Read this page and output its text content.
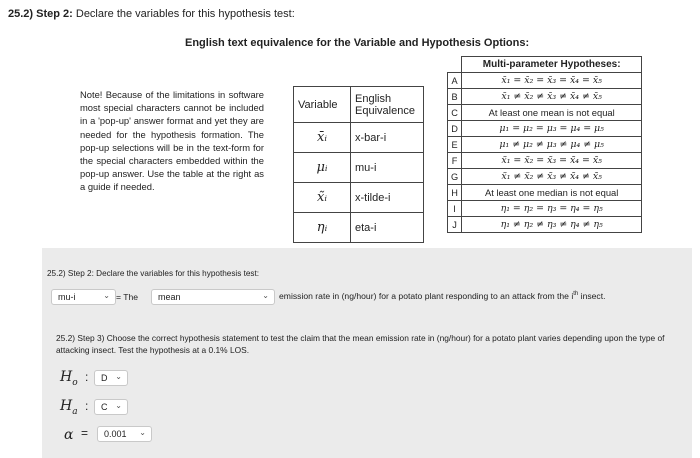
25.2) Step 2: Declare the variables for this hypothesis test:
English text equivalence for the Variable and Hypothesis Options:
Note! Because of the limitations in software most special characters cannot be included in a 'pop-up' answer format and yet they are needed for the hypothesis formation. The pop-up selections will be in the text-form for the special characters embedded within the pop-up answer. Use the table at the right as a guide if needed.
Variable	English Equivalence
x̄ᵢ	x-bar-i
μᵢ	mu-i
x̃ᵢ	x-tilde-i
ηᵢ	eta-i
	Multi-parameter Hypotheses:
A	x̄₁ = x̄₂ = x̄₃ = x̄₄ = x̄₅
B	x̄₁ ≠ x̄₂ ≠ x̄₃ ≠ x̄₄ ≠ x̄₅
C	At least one mean is not equal
D	μ₁ = μ₂ = μ₃ = μ₄ = μ₅
E	μ₁ ≠ μ₂ ≠ μ₃ ≠ μ₄ ≠ μ₅
F	x̃₁ = x̃₂ = x̃₃ = x̃₄ = x̃₅
G	x̃₁ ≠ x̃₂ ≠ x̃₃ ≠ x̃₄ ≠ x̃₅
H	At least one median is not equal
I	η₁ = η₂ = η₃ = η₄ = η₅
J	η₁ ≠ η₂ ≠ η₃ ≠ η₄ ≠ η₅
25.2) Step 2: Declare the variables for this hypothesis test:
mu-i	⌄ = The mean	⌄ emission rate in (ng/hour) for a potato plant responding to an attack from the $i^{th}$ insect.
25.2) Step 3) Choose the correct hypothesis statement to test the claim that the mean emission rate in (ng/hour) for a potato plant varies depending upon the type of attacking insect. Test the hypothesis at a 0.1% LOS.
$H_o$ : D ⌄
$H_a$ : C ⌄
α = 0.001 ⌄
